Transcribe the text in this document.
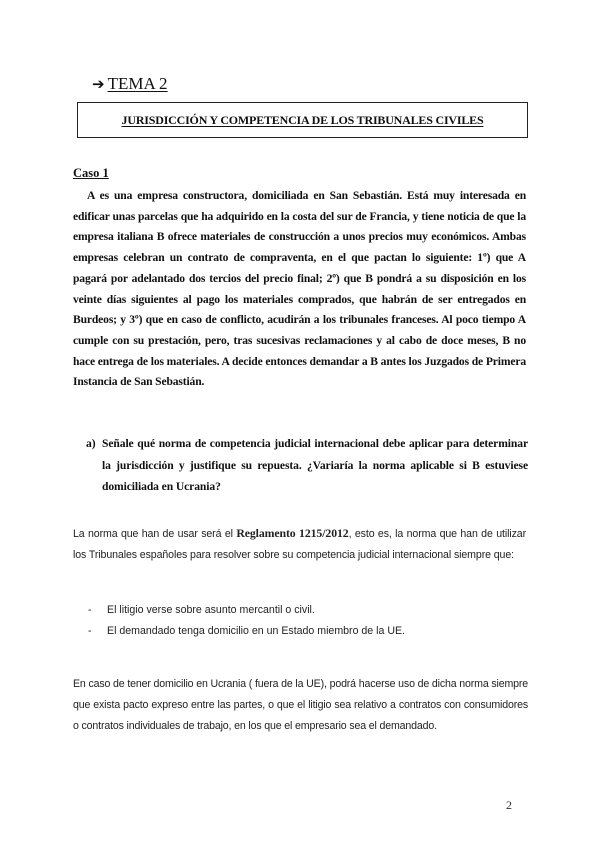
➔ TEMA 2
JURISDICCIÓN Y COMPETENCIA DE LOS TRIBUNALES CIVILES
Caso 1

A es una empresa constructora, domiciliada en San Sebastián. Está muy interesada en edificar unas parcelas que ha adquirido en la costa del sur de Francia, y tiene noticia de que la empresa italiana B ofrece materiales de construcción a unos precios muy económicos. Ambas empresas celebran un contrato de compraventa, en el que pactan lo siguiente: 1º) que A pagará por adelantado dos tercios del precio final; 2º) que B pondrá a su disposición en los veinte días siguientes al pago los materiales comprados, que habrán de ser entregados en Burdeos; y 3º) que en caso de conflicto, acudirán a los tribunales franceses. Al poco tiempo A cumple con su prestación, pero, tras sucesivas reclamaciones y al cabo de doce meses, B no hace entrega de los materiales. A decide entonces demandar a B antes los Juzgados de Primera Instancia de San Sebastián.

a) Señale qué norma de competencia judicial internacional debe aplicar para determinar la jurisdicción y justifique su repuesta. ¿Variaría la norma aplicable si B estuviese domiciliada en Ucrania?

La norma que han de usar será el Reglamento 1215/2012, esto es, la norma que han de utilizar los Tribunales españoles para resolver sobre su competencia judicial internacional siempre que:

-	El litigio verse sobre asunto mercantil o civil.
-	El demandado tenga domicilio en un Estado miembro de la UE.

En caso de tener domicilio en Ucrania ( fuera de la UE), podrá hacerse uso de dicha norma siempre que exista pacto expreso entre las partes, o que el litigio sea relativo a contratos con consumidores o contratos individuales de trabajo, en los que el empresario sea el demandado.

2
